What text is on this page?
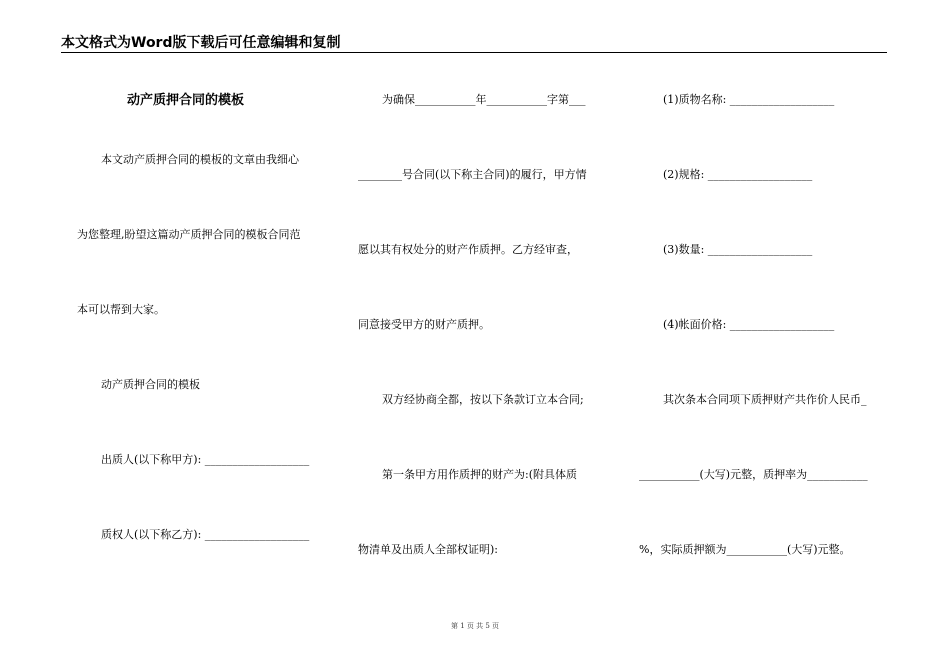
本文格式为Word版下载后可任意编辑和复制
动产质押合同的模板
本文动产质押合同的模板的文章由我细心
为您整理,盼望这篇动产质押合同的模板合同范
本可以帮到大家。
动产质押合同的模板
出质人(以下称甲方): ___________________
质权人(以下称乙方): ___________________
为确保___________年___________字第___
________号合同(以下称主合同)的履行，甲方情
愿以其有权处分的财产作质押。乙方经审查，
同意接受甲方的财产质押。
双方经协商全都，按以下条款订立本合同;
第一条甲方用作质押的财产为:(附具体质
物清单及出质人全部权证明):
(1)质物名称: ___________________
(2)规格: ___________________
(3)数量: ___________________
(4)帐面价格: ___________________
其次条本合同项下质押财产共作价人民币_
___________(大写)元整，质押率为___________
%，实际质押额为___________(大写)元整。
第 1 页 共 5 页
